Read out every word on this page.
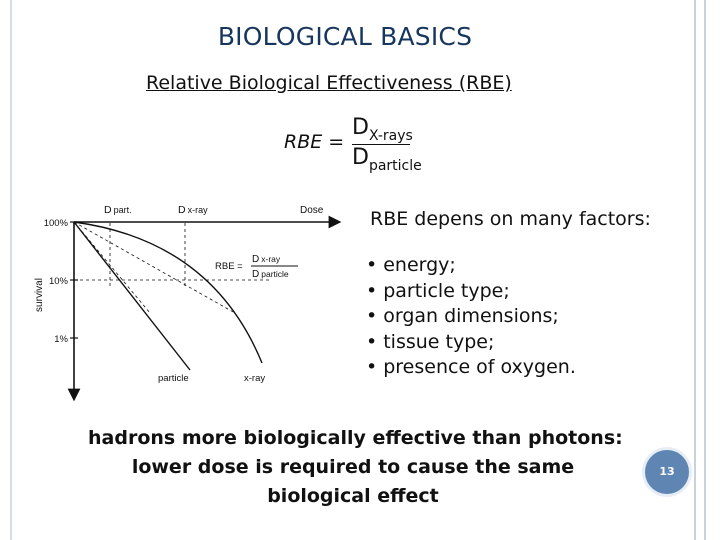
BIOLOGICAL BASICS
Relative Biological Effectiveness (RBE)
RBE =
$D_{X-rays}$
$D_{particle}$
100%
10%
1%
survival
D part.	D x-ray	Dose
RBE =
D x-ray
D particle
particle	x-ray
RBE depens on many factors:
• energy;
• particle type;
• organ dimensions;
• tissue type;
• presence of oxygen.
hadrons more biologically effective than photons:
lower dose is required to cause the same
biological effect
13
